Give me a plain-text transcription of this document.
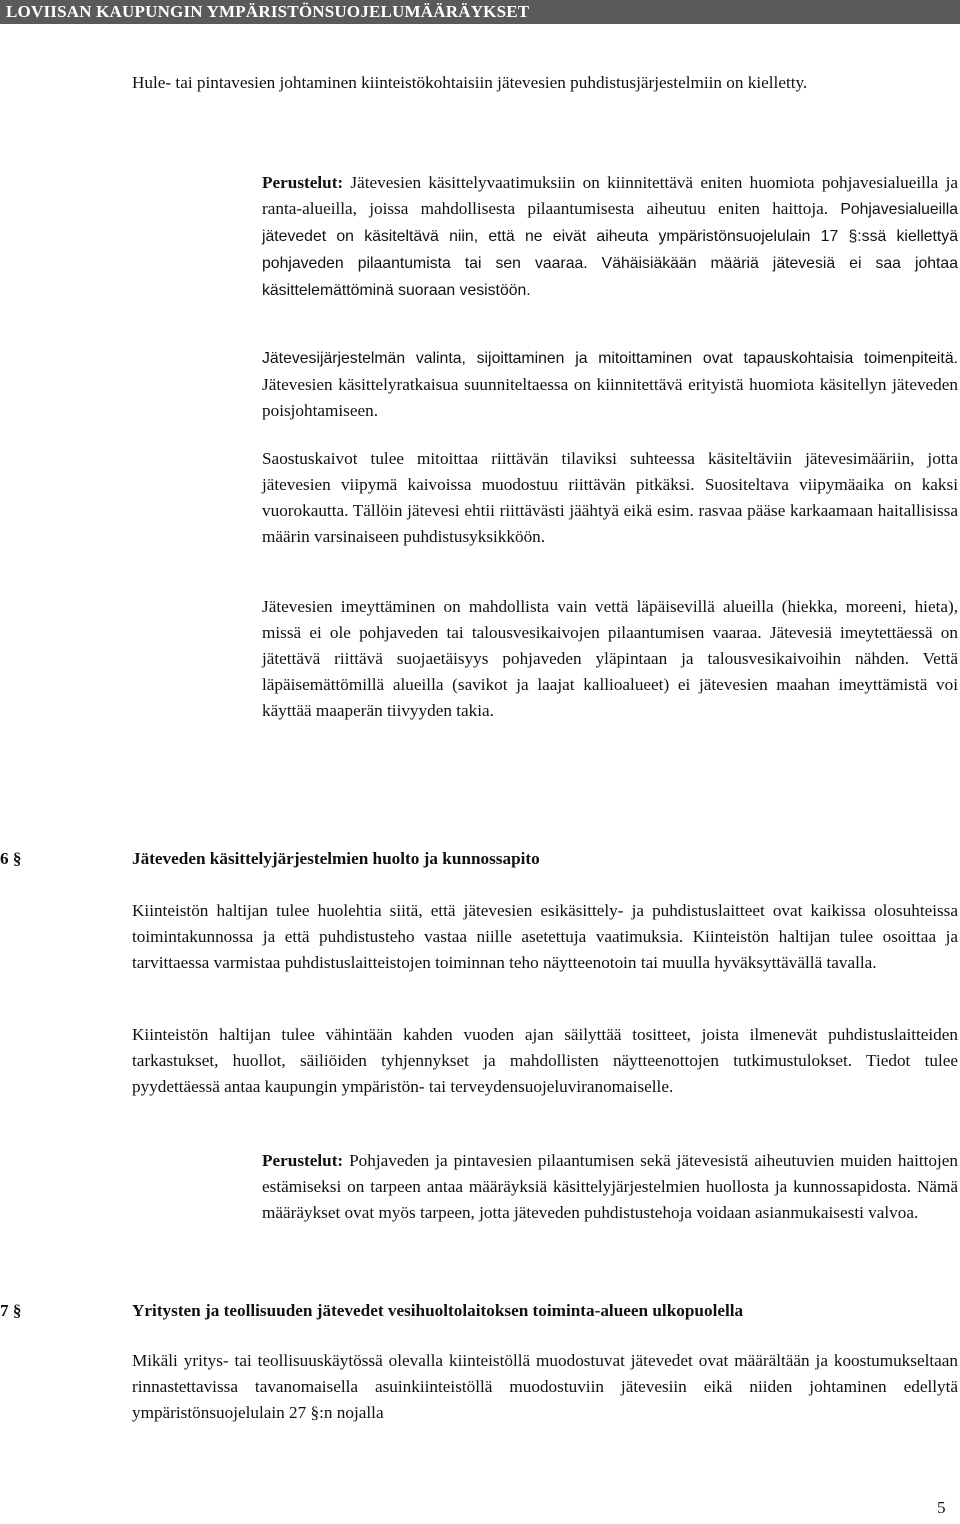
LOVIISAN KAUPUNGIN YMPÄRISTÖNSUOJELUMÄÄRÄYKSET

Hule- tai pintavesien johtaminen kiinteistökohtaisiin jätevesien puhdistusjärjestelmiin on kielletty.

Perustelut: Jätevesien käsittelyvaatimuksiin on kiinnitettävä eniten huomiota pohjavesialueilla ja ranta-alueilla, joissa mahdollisesta pilaantumisesta aiheutuu eniten haittoja. Pohjavesialueilla jätevedet on käsiteltävä niin, että ne eivät aiheuta ympäristönsuojelulain 17 §:ssä kiellettyä pohjaveden pilaantumista tai sen vaaraa. Vähäisiäkään määriä jätevesiä ei saa johtaa käsittelemättöminä suoraan vesistöön.

Jätevesijärjestelmän valinta, sijoittaminen ja mitoittaminen ovat tapauskohtaisia toimenpiteitä. Jätevesien käsittelyratkaisua suunniteltaessa on kiinnitettävä erityistä huomiota käsitellyn jäteveden poisjohtamiseen.

Saostuskaivot tulee mitoittaa riittävän tilaviksi suhteessa käsiteltäviin jätevesimääriin, jotta jätevesien viipymä kaivoissa muodostuu riittävän pitkäksi. Suositeltava viipymäaika on kaksi vuorokautta. Tällöin jätevesi ehtii riittävästi jäähtyä eikä esim. rasvaa pääse karkaamaan haitallisissa määrin varsinaiseen puhdistusyksikköön.

Jätevesien imeyttäminen on mahdollista vain vettä läpäisevillä alueilla (hiekka, moreeni, hieta), missä ei ole pohjaveden tai talousvesikaivojen pilaantumisen vaaraa. Jätevesiä imeytettäessä on jätettävä riittävä suojaetäisyys pohjaveden yläpintaan ja talousvesikaivoihin nähden. Vettä läpäisemättömillä alueilla (savikot ja laajat kallioalueet) ei jätevesien maahan imeyttämistä voi käyttää maaperän tiivyyden takia.

6 §	Jäteveden käsittelyjärjestelmien huolto ja kunnossapito

Kiinteistön haltijan tulee huolehtia siitä, että jätevesien esikäsittely- ja puhdistuslaitteet ovat kaikissa olosuhteissa toimintakunnossa ja että puhdistusteho vastaa niille asetettuja vaatimuksia. Kiinteistön haltijan tulee osoittaa ja tarvittaessa varmistaa puhdistuslaitteistojen toiminnan teho näytteenotoin tai muulla hyväksyttävällä tavalla.

Kiinteistön haltijan tulee vähintään kahden vuoden ajan säilyttää tositteet, joista ilmenevät puhdistuslaitteiden tarkastukset, huollot, säiliöiden tyhjennykset ja mahdollisten näytteenottojen tutkimustulokset. Tiedot tulee pyydettäessä antaa kaupungin ympäristön- tai terveydensuojeluviranomaiselle.

Perustelut: Pohjaveden ja pintavesien pilaantumisen sekä jätevesistä aiheutuvien muiden haittojen estämiseksi on tarpeen antaa määräyksiä käsittelyjärjestelmien huollosta ja kunnossapidosta. Nämä määräykset ovat myös tarpeen, jotta jäteveden puhdistustehoja voidaan asianmukaisesti valvoa.

7 §	Yritysten ja teollisuuden jätevedet vesihuoltolaitoksen toiminta-alueen ulkopuolella

Mikäli yritys- tai teollisuuskäytössä olevalla kiinteistöllä muodostuvat jätevedet ovat määrältään ja koostumukseltaan rinnastettavissa tavanomaisella asuinkiinteistöllä muodostuviin jätevesiin eikä niiden johtaminen edellytä ympäristönsuojelulain 27 §:n nojalla

5
